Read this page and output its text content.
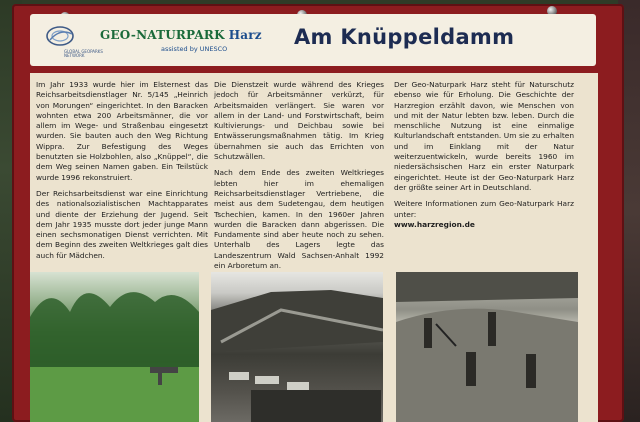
GLOBAL GEOPARKS NETWORK
GEO-NATURPARK Harz
assisted by UNESCO	Am Knüppeldamm

Im Jahr 1933 wurde hier im Elsternest das Reichsarbeitsdienstlager Nr. 5/145 „Heinrich von Morungen“ eingerichtet. In den Baracken wohnten etwa 200 Arbeitsmänner, die vor allem im Wege- und Straßenbau eingesetzt wurden. Sie bauten auch den Weg Richtung Wippra. Zur Befestigung des Weges benutzten sie Holzbohlen, also „Knüppel“, die dem Weg seinen Namen gaben. Ein Teilstück wurde 1996 rekonstruiert.

Der Reichsarbeitsdienst war eine Einrichtung des nationalsozialistischen Machtapparates und diente der Erziehung der Jugend. Seit dem Jahr 1935 musste dort jeder junge Mann einen sechsmonatigen Dienst verrichten. Mit dem Beginn des zweiten Weltkrieges galt dies auch für Mädchen.

Die Dienstzeit wurde während des Krieges jedoch für Arbeitsmänner verkürzt, für Arbeitsmaiden verlängert. Sie waren vor allem in der Land- und Forstwirtschaft, beim Kultivierungs- und Deichbau sowie bei Entwässerungsmaßnahmen tätig. Im Krieg übernahmen sie auch das Errichten von Schutzwällen.

Nach dem Ende des zweiten Weltkrieges lebten hier im ehemaligen Reichsarbeitsdienstlager Vertriebene, die meist aus dem Sudetengau, dem heutigen Tschechien, kamen. In den 1960er Jahren wurden die Baracken dann abgerissen. Die Fundamente sind aber heute noch zu sehen. Unterhalb des Lagers legte das Landeszentrum Wald Sachsen-Anhalt 1992 ein Arboretum an.

Der Geo-Naturpark Harz steht für Naturschutz ebenso wie für Erholung. Die Geschichte der Harzregion erzählt davon, wie Menschen von und mit der Natur lebten bzw. leben. Durch die menschliche Nutzung ist eine einmalige Kulturlandschaft entstanden. Um sie zu erhalten und im Einklang mit der Natur weiterzuentwickeln, wurde bereits 1960 im niedersächsischen Harz ein erster Naturpark eingerichtet. Heute ist der Geo-Naturpark Harz der größte seiner Art in Deutschland.

Weitere Informationen zum Geo-Naturpark Harz unter:

www.harzregion.de
